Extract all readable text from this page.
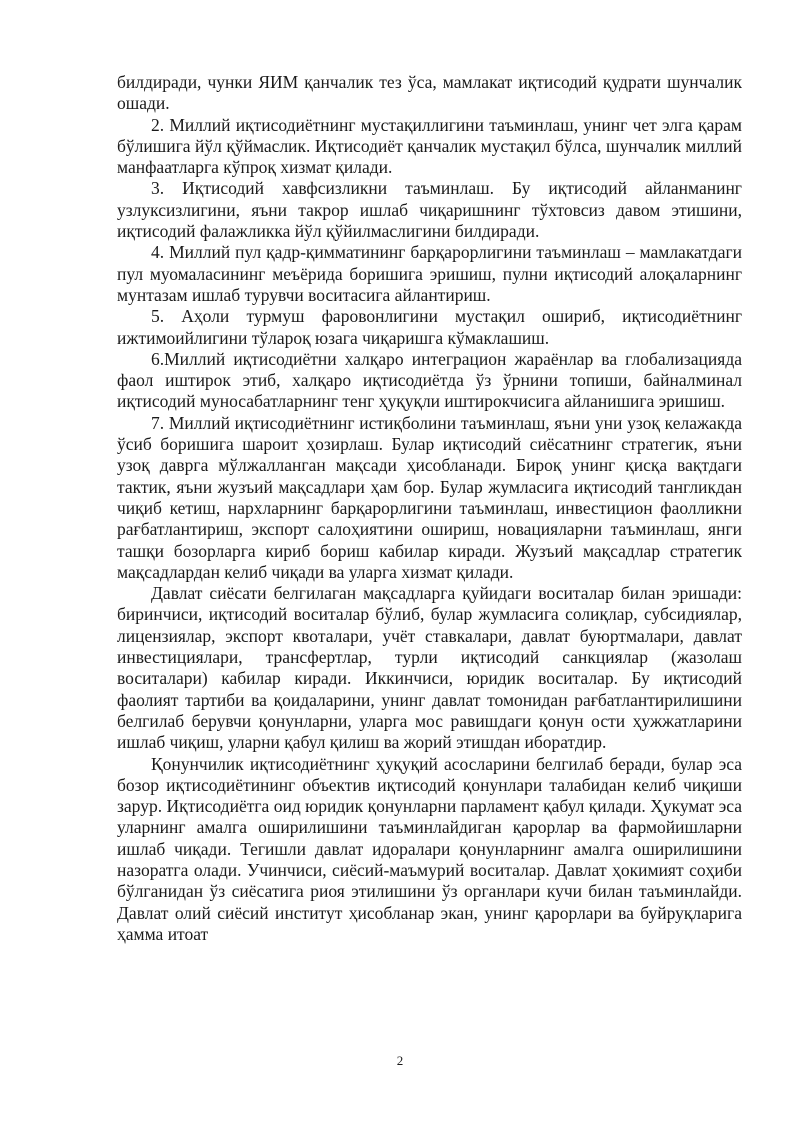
билдиради, чунки ЯИМ қанчалик тез ўса, мамлакат иқтисодий қудрати шунчалик ошади.

2. Миллий иқтисодиётнинг мустақиллигини таъминлаш, унинг чет элга қарам бўлишига йўл қўймаслик. Иқтисодиёт қанчалик мустақил бўлса, шунчалик миллий манфаатларга кўпроқ хизмат қилади.

3. Иқтисодий хавфсизликни таъминлаш. Бу иқтисодий айланманинг узлуксизлигини, яъни такрор ишлаб чиқаришнинг тўхтовсиз давом этишини, иқтисодий фалажликка йўл қўйилмаслигини билдиради.

4. Миллий пул қадр-қимматининг барқарорлигини таъминлаш – мамлакатдаги пул муомаласининг меъёрида боришига эришиш, пулни иқтисодий алоқаларнинг мунтазам ишлаб турувчи воситасига айлантириш.

5. Аҳоли турмуш фаровонлигини мустақил ошириб, иқтисодиётнинг ижтимоийлигини тўлароқ юзага чиқаришга кўмаклашиш.

6.Миллий иқтисодиётни халқаро интеграцион жараёнлар ва глобализацияда фаол иштирок этиб, халқаро иқтисодиётда ўз ўрнини топиши, байналминал иқтисодий муносабатларнинг тенг ҳуқуқли иштирокчисига айланишига эришиш.

7. Миллий иқтисодиётнинг истиқболини таъминлаш, яъни уни узоқ келажакда ўсиб боришига шароит ҳозирлаш. Булар иқтисодий сиёсатнинг стратегик, яъни узоқ даврга мўлжалланган мақсади ҳисобланади. Бироқ унинг қисқа вақтдаги тактик, яъни жузъий мақсадлари ҳам бор. Булар жумласига иқтисодий тангликдан чиқиб кетиш, нархларнинг барқарорлигини таъминлаш, инвестицион фаолликни рағбатлантириш, экспорт салоҳиятини ошириш, новацияларни таъминлаш, янги ташқи бозорларга кириб бориш кабилар киради. Жузъий мақсадлар стратегик мақсадлардан келиб чиқади ва уларга хизмат қилади.

Давлат сиёсати белгилаган мақсадларга қуйидаги воситалар билан эришади: биринчиси, иқтисодий воситалар бўлиб, булар жумласига солиқлар, субсидиялар, лицензиялар, экспорт квоталари, учёт ставкалари, давлат буюртмалари, давлат инвестициялари, трансфертлар, турли иқтисодий санкциялар (жазолаш воситалари) кабилар киради. Иккинчиси, юридик воситалар. Бу иқтисодий фаолият тартиби ва қоидаларини, унинг давлат томонидан рағбатлантирилишини белгилаб берувчи қонунларни, уларга мос равишдаги қонун ости ҳужжатларини ишлаб чиқиш, уларни қабул қилиш ва жорий этишдан иборатдир.

Қонунчилик иқтисодиётнинг ҳуқуқий асосларини белгилаб беради, булар эса бозор иқтисодиётининг объектив иқтисодий қонунлари талабидан келиб чиқиши зарур. Иқтисодиётга оид юридик қонунларни парламент қабул қилади. Ҳукумат эса уларнинг амалга оширилишини таъминлайдиган қарорлар ва фармойишларни ишлаб чиқади. Тегишли давлат идоралари қонунларнинг амалга оширилишини назоратга олади. Учинчиси, сиёсий-маъмурий воситалар. Давлат ҳокимият соҳиби бўлганидан ўз сиёсатига риоя этилишини ўз органлари кучи билан таъминлайди. Давлат олий сиёсий институт ҳисобланар экан, унинг қарорлари ва буйруқларига ҳамма итоат

2
